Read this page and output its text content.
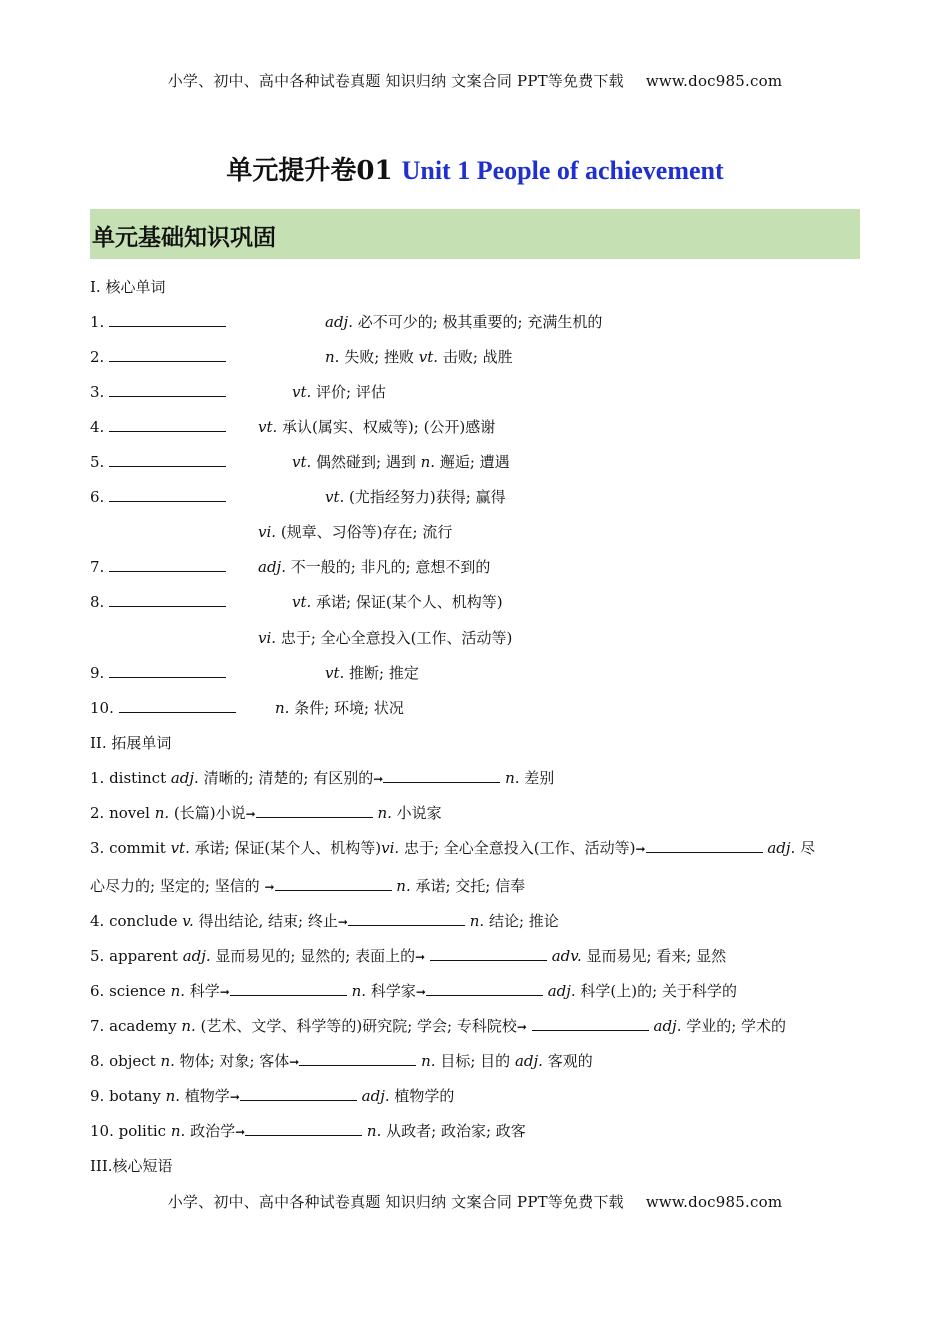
小学、初中、高中各种试卷真题 知识归纳 文案合同 PPT等免费下载 www.doc985.com
单元提升卷01 Unit 1 People of achievement
单元基础知识巩固
I. 核心单词
1.	adj. 必不可少的; 极其重要的; 充满生机的
2.	n. 失败; 挫败 vt. 击败; 战胜
3.	vt. 评价; 评估
4.	vt. 承认(属实、权威等); (公开)感谢
5.	vt. 偶然碰到; 遇到 n. 邂逅; 遭遇
6.	vt. (尤指经努力)获得; 赢得
vi. (规章、习俗等)存在; 流行
7.	adj. 不一般的; 非凡的; 意想不到的
8.	vt. 承诺; 保证(某个人、机构等)
vi. 忠于; 全心全意投入(工作、活动等)
9.	vt. 推断; 推定
10.	n. 条件; 环境; 状况
II. 拓展单词
1. distinct adj. 清晰的; 清楚的; 有区别的➞	n. 差别
2. novel n. (长篇)小说➞	n. 小说家
3. commit vt. 承诺; 保证(某个人、机构等)vi. 忠于; 全心全意投入(工作、活动等)➞	adj. 尽
心尽力的; 坚定的; 坚信的 ➞	n. 承诺; 交托; 信奉
4. conclude v. 得出结论, 结束; 终止➞	n. 结论; 推论
5. apparent adj. 显而易见的; 显然的; 表面上的➞	adv. 显而易见; 看来; 显然
6. science n. 科学➞	n. 科学家➞	adj. 科学(上)的; 关于科学的
7. academy n. (艺术、文学、科学等的)研究院; 学会; 专科院校➞	adj. 学业的; 学术的
8. object n. 物体; 对象; 客体➞	n. 目标; 目的 adj. 客观的
9. botany n. 植物学➞	adj. 植物学的
10. politic n. 政治学➞	n. 从政者; 政治家; 政客
III.核心短语
小学、初中、高中各种试卷真题 知识归纳 文案合同 PPT等免费下载 www.doc985.com
